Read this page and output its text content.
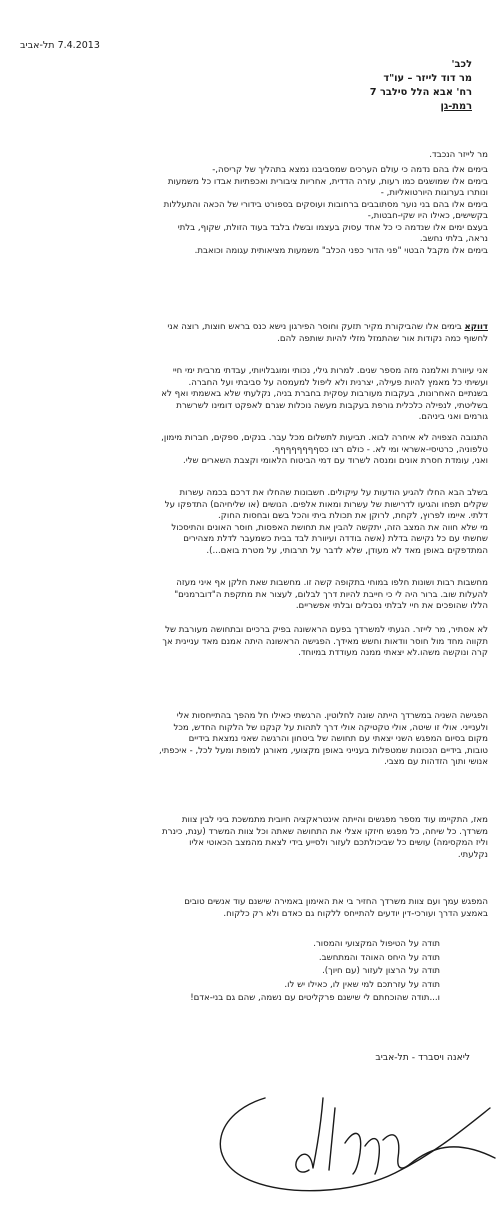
7.4.2013 תל-אביב
לכב'
מר דוד לייזר – עו"ד
רח' אבא הלל סילבר 7
רמת-גן

מר לייזר הנכבד.

בימים אלו בהם נדמה כי עולם הערכים שמסביבנו נמצא בתהליך של קריסה,-

בימים אלו שמושגים כמו רעות, עזרה הדדית, אחריות ציבורית ואכפתיות אבדו כל משמעות

ונותרו בערוגות היורטואליות, -

בימים אלו בהם בני נוער מסתובבים ברחובות ועוסקים בספורט בידורי של הכאה והתעללות

בקשישים, כאילו היו שקי-חבטות,-

בעצם ימים אלו שנדמה כי כל אחד עסוק בעצמו ובשלו בלבד בעוד הזולת, שקוף, בלתי

נראה, בלתי נחשב.

בימים אלו מקבל הבטוי "פני הדור כפני הכלב" משמעות מציאותית עגומה וכואבת.

דווקא בימים אלו שהביקורת מקיר תזעק וחוסר הפירגון נישא כנס בראש חוצות, רוצה אני

לחשוף כמה נקודות אור שהתמזל מזלי להיות שותפה להם.

אני עיוורת ואלמנה מזה מספר שנים. למרות גילי, נכותי ומוגבלויותי, עבדתי מרבית ימי חיי

ועשיתי כל מאמץ להיות פעילה, יצרנית ולא ליפול למעמסה על סביבתי ועל החברה.

בשנתיים האחרונות, בעקבות מעורבות עסקית בחברת בניה, נקלעתי שלא באשמתי ואף לא

בשליטתי, לנפילה כלכלית גורפת בעקבות מעשה נוכלות שגרם לאפקט דומינו לשרשרת

גורמים ואני ביניהם.

התגובה הצפויה לא איחרה לבוא. תביעות לתשלום מכל עבר. בנקים, ספקים, חברות מימון,

טלפוניה, כרטיסי-אשראי ומי לא. - כולם רצו כסףףףףףףףף.

ואני, עומדת חסרת אונים ומנסה לשרוד עם דמי הביטוח הלאומי וקצבת השארים שלי.

בשלב הבא החלו להגיע הודעות על עיקולים. חשבונות שהחלו את דרכם בכמה עשרות

שקלים תפחו והגיעו לדרישות של עשרות ומאות אלפים. הנושים (או שליחיהם) התדפקו על

דלתי. איימו לפרוץ, לקחת, לרוקן את תכולת ביתי והכל בשם ובחסות החוק.

מי שלא חווה את המצב הזה, יתקשה להבין את תחושת האפסות, חוסר האונים והתיסכול

שחשתי עם כל נקישה בדלת (אשה בודדה ועיוורת לבד בבית כשמעבר לדלת מצהירים

המתדפקים באופן מאד לא מעודן, שלא לדבר על תרבותי, על מטרת בואם...).

מחשבות רבות ושונות חלפו במוחי בתקופה קשה זו. מחשבות שאת חלקן אף איני מעזה

להעלות שוב. ברור היה לי כי חייבת להיות דרך לבלום, לעצור את מתקפת ה"דוברמנים"

הללו שהופכים את חיי לבלתי נסבלים ובלתי אפשריים.

לא אסתיר, מר לייזר. הגעתי למשרדך בפעם הראשונה בפיק ברכיים ובתחושה מעורבת של

תקווה מחד מול חוסר וודאות וחשש מאידך. הפגישה הראשונה היתה אמנם מאד עניינית אך

קרה ונוקשה משהו.לא יצאתי ממנה מעודדת במיוחד.

הפגישה השניה במשרדך הייתה שונה לחלוטין. הרגשתי כאילו חל מהפך בהתייחסות אלי

ולענייני. אולי זו שיטה, אולי טקטיקה אולי דרך לתהות על קנקנו של הלקוח החדש, מכל

מקום בסיום המפגש השני יצאתי עם תחושה של ביטחון והרגשה שאני נמצאת בידיים

טובות, בידיים הנכונות שמטפלות בענייני באופן מקצועי, מאורגן למופת ומעל לכל, - איכפתי,

אנושי ותוך הזדהות עם מצבי.

מאז, התקיימו עוד מספר מפגשים והייתה אינטראקציה חיובית מתמשכת ביני לבין צוות

משרדך. כל שיחה, כל מפגש חיזקו אצלי את התחושה שאתה וכל צוות המשרד (ענת, כינרת

וליז המקסימה) עושים כל שביכולתכם לעזור ולסייע בידי לצאת מהמצב הכאוטי אליו

נקלעתי.

המפגש עמך ועם צוות משרדך החזיר בי את האימון באמירה שישנם עוד אנשים טובים

באמצע הדרך ועורכי-דין יודעים להתייחס ללקוח גם כאדם ולא רק כלקוח.

תודה על הטיפול המקצועי והמסור.

תודה על היחס האוהד והמתחשב.

תודה על הרצון לעזור (עם חיוך).

תודה על עזרתכם למי שאין לו, כאילו יש לו.

ו...תודה שהוכחתם לי שישנם פרקליטים עם נשמה, שהם גם בני-אדם!

ליאנה ויסברד - תל-אביב
